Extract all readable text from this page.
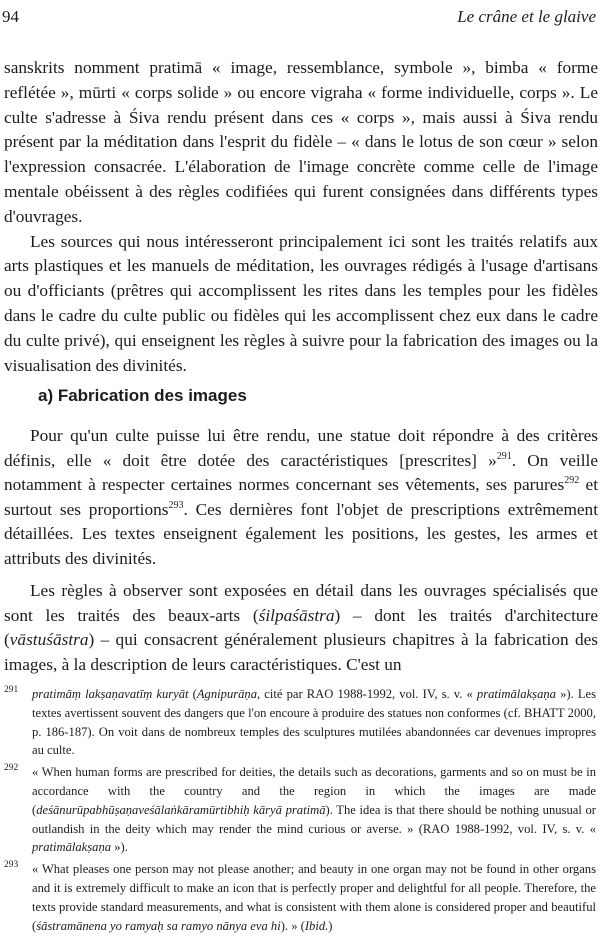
94	Le crâne et le glaive

sanskrits nomment pratimā « image, ressemblance, symbole », bimba « forme reflétée », mūrti « corps solide » ou encore vigraha « forme individuelle, corps ». Le culte s'adresse à Śiva rendu présent dans ces « corps », mais aussi à Śiva rendu présent par la méditation dans l'esprit du fidèle – « dans le lotus de son cœur » selon l'expression consacrée. L'élaboration de l'image concrète comme celle de l'image mentale obéissent à des règles codifiées qui furent consignées dans différents types d'ouvrages.

Les sources qui nous intéresseront principalement ici sont les traités relatifs aux arts plastiques et les manuels de méditation, les ouvrages rédigés à l'usage d'artisans ou d'officiants (prêtres qui accomplissent les rites dans les temples pour les fidèles dans le cadre du culte public ou fidèles qui les accomplissent chez eux dans le cadre du culte privé), qui enseignent les règles à suivre pour la fabrication des images ou la visualisation des divinités.

a) Fabrication des images

Pour qu'un culte puisse lui être rendu, une statue doit répondre à des critères définis, elle « doit être dotée des caractéristiques [prescrites] »$^{291}$. On veille notamment à respecter certaines normes concernant ses vêtements, ses parures$^{292}$ et surtout ses proportions$^{293}$. Ces dernières font l'objet de prescriptions extrêmement détaillées. Les textes enseignent également les positions, les gestes, les armes et attributs des divinités.

Les règles à observer sont exposées en détail dans les ouvrages spécialisés que sont les traités des beaux-arts (śilpaśāstra) – dont les traités d'architecture (vāstuśāstra) – qui consacrent généralement plusieurs chapitres à la fabrication des images, à la description de leurs caractéristiques. C'est un

291 pratimāṃ lakṣaṇavatīṃ kuryāt (Agnipurāṇa, cité par RAO 1988-1992, vol. IV, s. v. « pratimālakṣaṇa »). Les textes avertissent souvent des dangers que l'on encoure à produire des statues non conformes (cf. BHATT 2000, p. 186-187). On voit dans de nombreux temples des sculptures mutilées abandonnées car devenues impropres au culte.
292 « When human forms are prescribed for deities, the details such as decorations, garments and so on must be in accordance with the country and the region in which the images are made (deśānurūpabhūṣaṇaveśālaṅkāramūrtibhiḥ kāryā pratimā). The idea is that there should be nothing unusual or outlandish in the deity which may render the mind curious or averse. » (RAO 1988-1992, vol. IV, s. v. « pratimālakṣaṇa »).
293 « What pleases one person may not please another; and beauty in one organ may not be found in other organs and it is extremely difficult to make an icon that is perfectly proper and delightful for all people. Therefore, the texts provide standard measurements, and what is consistent with them alone is considered proper and beautiful (śāstramānena yo ramyaḥ sa ramyo nānya eva hi). » (Ibid.)
